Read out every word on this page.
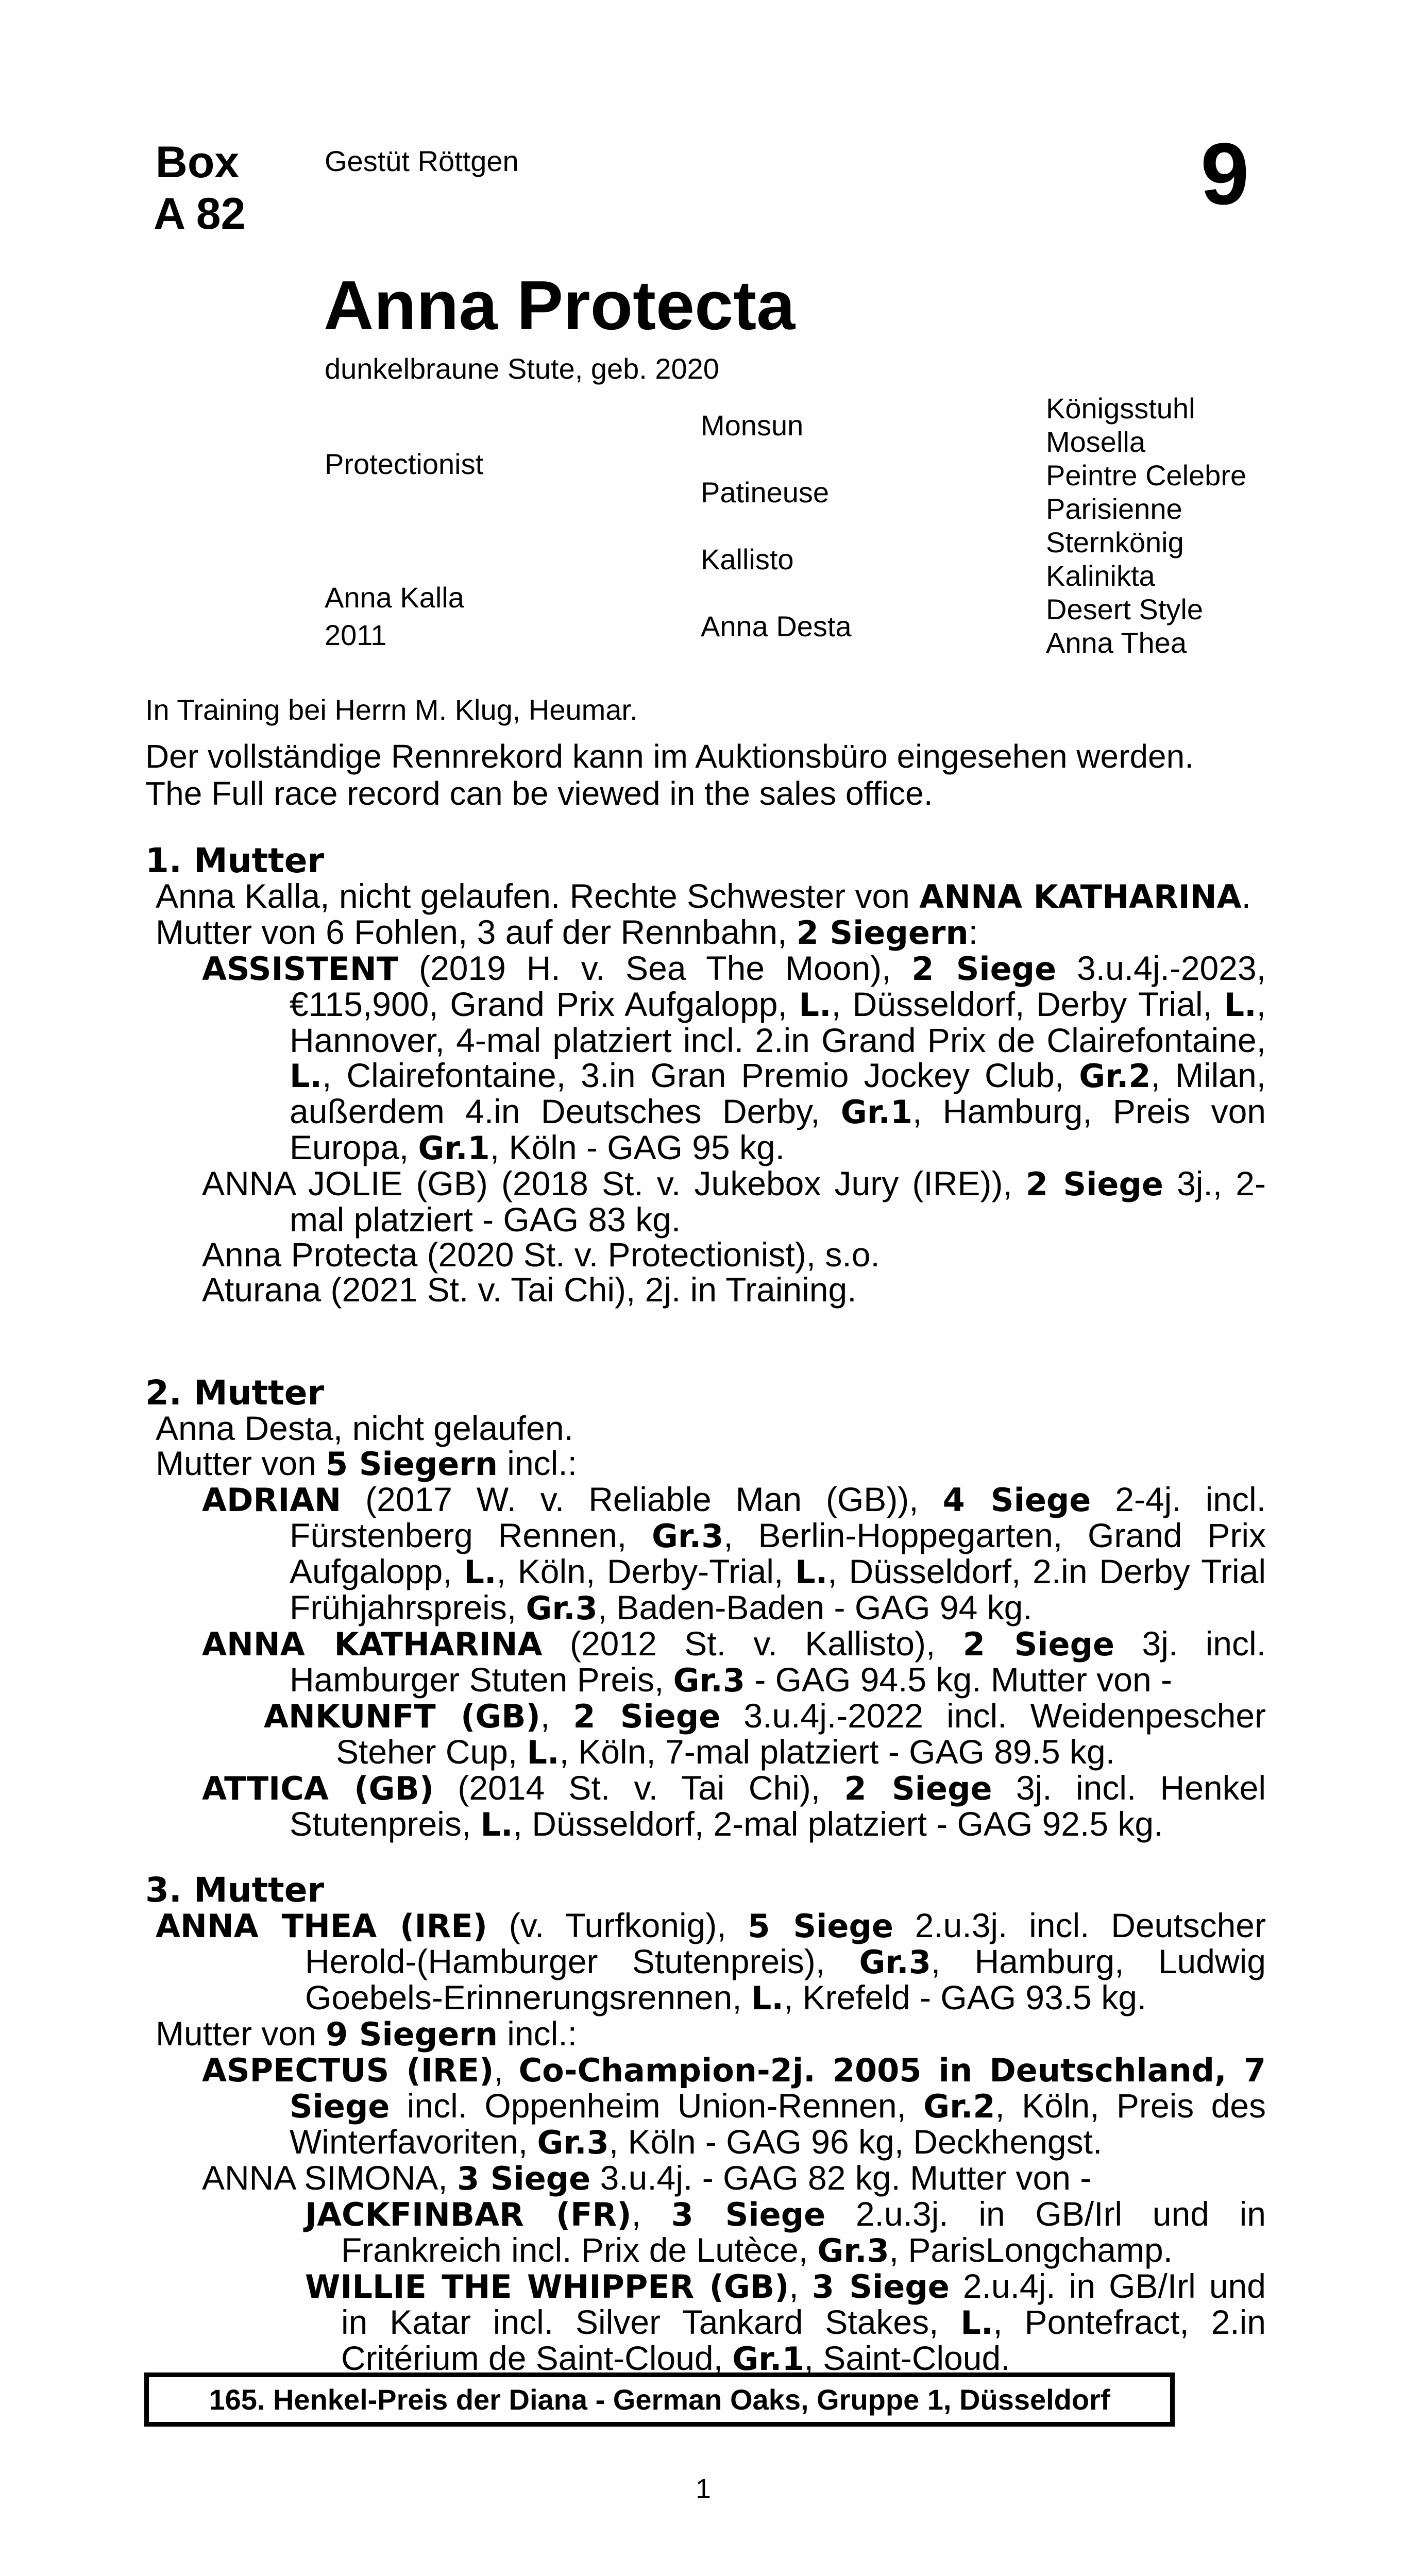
Box
A 82
Gestüt Röttgen	9
Anna Protecta
dunkelbraune Stute, geb. 2020
Protectionist
Anna Kalla
2011
Monsun
Patineuse
Kallisto
Anna Desta
Königsstuhl
Mosella
Peintre Celebre
Parisienne
Sternkönig
Kalinikta
Desert Style
Anna Thea
In Training bei Herrn M. Klug, Heumar.
Der vollständige Rennrekord kann im Auktionsbüro eingesehen werden.
The Full race record can be viewed in the sales office.
1. Mutter
Anna Kalla, nicht gelaufen. Rechte Schwester von ANNA KATHARINA.
Mutter von 6 Fohlen, 3 auf der Rennbahn, 2 Siegern:
ASSISTENT (2019 H. v. Sea The Moon), 2 Siege 3.u.4j.-2023, €115,900, Grand Prix Aufgalopp, L., Düsseldorf, Derby Trial, L., Hannover, 4-mal platziert incl. 2.in Grand Prix de Clairefontaine, L., Clairefontaine, 3.in Gran Premio Jockey Club, Gr.2, Milan, außerdem 4.in Deutsches Derby, Gr.1, Hamburg, Preis von Europa, Gr.1, Köln - GAG 95 kg.
ANNA JOLIE (GB) (2018 St. v. Jukebox Jury (IRE)), 2 Siege 3j., 2-mal platziert - GAG 83 kg.
Anna Protecta (2020 St. v. Protectionist), s.o.
Aturana (2021 St. v. Tai Chi), 2j. in Training.
2. Mutter
Anna Desta, nicht gelaufen.
Mutter von 5 Siegern incl.:
ADRIAN (2017 W. v. Reliable Man (GB)), 4 Siege 2-4j. incl. Fürstenberg Rennen, Gr.3, Berlin-Hoppegarten, Grand Prix Aufgalopp, L., Köln, Derby-Trial, L., Düsseldorf, 2.in Derby Trial Frühjahrspreis, Gr.3, Baden-Baden - GAG 94 kg.
ANNA KATHARINA (2012 St. v. Kallisto), 2 Siege 3j. incl. Hamburger Stuten Preis, Gr.3 - GAG 94.5 kg. Mutter von -
ANKUNFT (GB), 2 Siege 3.u.4j.-2022 incl. Weidenpescher Steher Cup, L., Köln, 7-mal platziert - GAG 89.5 kg.
ATTICA (GB) (2014 St. v. Tai Chi), 2 Siege 3j. incl. Henkel Stutenpreis, L., Düsseldorf, 2-mal platziert - GAG 92.5 kg.
3. Mutter
ANNA THEA (IRE) (v. Turfkonig), 5 Siege 2.u.3j. incl. Deutscher Herold-(Hamburger Stutenpreis), Gr.3, Hamburg, Ludwig Goebels-Erinnerungsrennen, L., Krefeld - GAG 93.5 kg.
Mutter von 9 Siegern incl.:
ASPECTUS (IRE), Co-Champion-2j. 2005 in Deutschland, 7 Siege incl. Oppenheim Union-Rennen, Gr.2, Köln, Preis des Winterfavoriten, Gr.3, Köln - GAG 96 kg, Deckhengst.
ANNA SIMONA, 3 Siege 3.u.4j. - GAG 82 kg. Mutter von -
JACKFINBAR (FR), 3 Siege 2.u.3j. in GB/Irl und in Frankreich incl. Prix de Lutèce, Gr.3, ParisLongchamp.
WILLIE THE WHIPPER (GB), 3 Siege 2.u.4j. in GB/Irl und in Katar incl. Silver Tankard Stakes, L., Pontefract, 2.in Critérium de Saint-Cloud, Gr.1, Saint-Cloud.
165. Henkel-Preis der Diana - German Oaks, Gruppe 1, Düsseldorf
1
